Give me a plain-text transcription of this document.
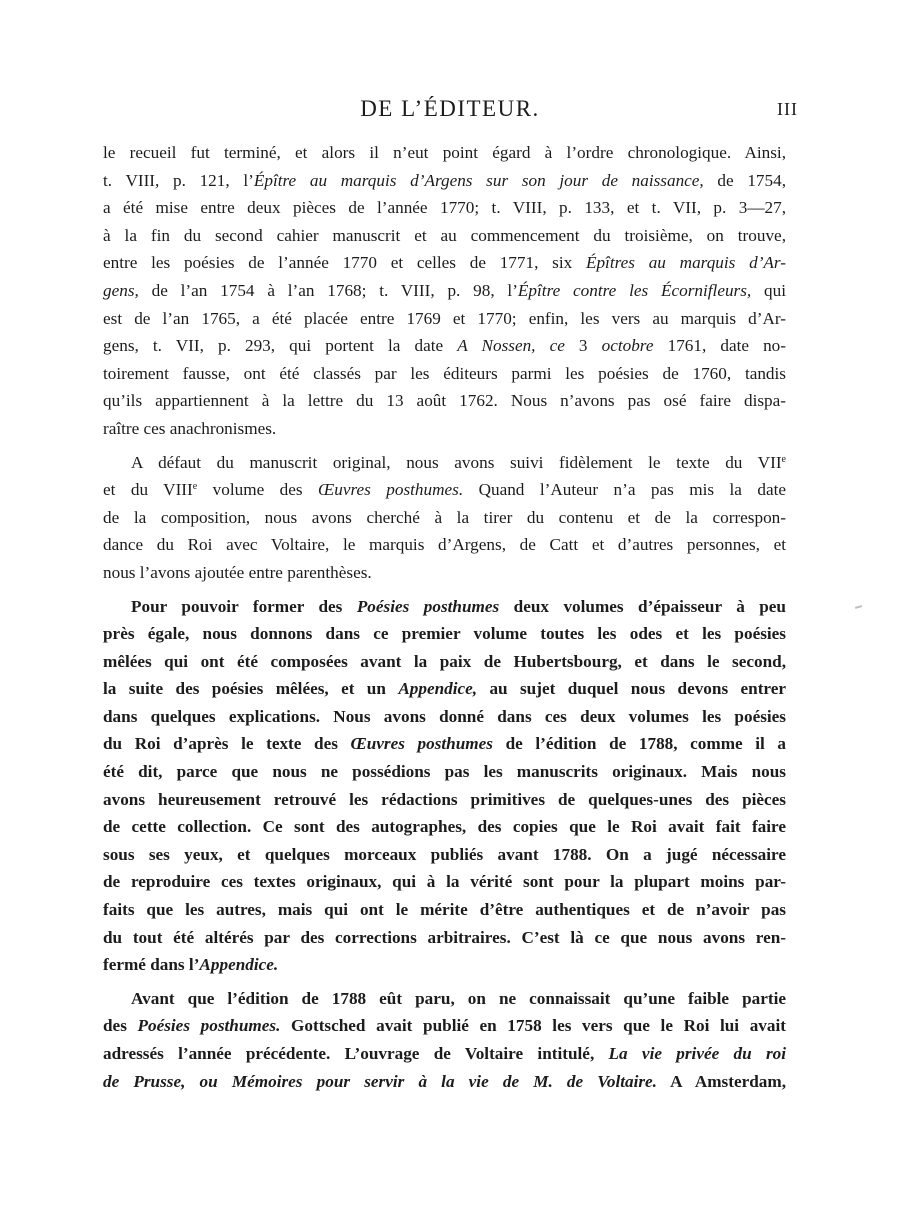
DE L’ÉDITEUR.	III
le recueil fut terminé, et alors il n’eut point égard à l’ordre chronologique. Ainsi,
t. VIII, p. 121, l’Épître au marquis d’Argens sur son jour de naissance, de 1754,
a été mise entre deux pièces de l’année 1770; t. VIII, p. 133, et t. VII, p. 3—27,
à la fin du second cahier manuscrit et au commencement du troisième, on trouve,
entre les poésies de l’année 1770 et celles de 1771, six Épîtres au marquis d’Ar-
gens, de l’an 1754 à l’an 1768; t. VIII, p. 98, l’Épître contre les Écornifleurs, qui
est de l’an 1765, a été placée entre 1769 et 1770; enfin, les vers au marquis d’Ar-
gens, t. VII, p. 293, qui portent la date A Nossen, ce 3 octobre 1761, date no-
toirement fausse, ont été classés par les éditeurs parmi les poésies de 1760, tandis
qu’ils appartiennent à la lettre du 13 août 1762. Nous n’avons pas osé faire dispa-
raître ces anachronismes.
A défaut du manuscrit original, nous avons suivi fidèlement le texte du VIIe
et du VIIIe volume des Œuvres posthumes. Quand l’Auteur n’a pas mis la date
de la composition, nous avons cherché à la tirer du contenu et de la correspon-
dance du Roi avec Voltaire, le marquis d’Argens, de Catt et d’autres personnes, et
nous l’avons ajoutée entre parenthèses.
Pour pouvoir former des Poésies posthumes deux volumes d’épaisseur à peu
près égale, nous donnons dans ce premier volume toutes les odes et les poésies
mêlées qui ont été composées avant la paix de Hubertsbourg, et dans le second,
la suite des poésies mêlées, et un Appendice, au sujet duquel nous devons entrer
dans quelques explications. Nous avons donné dans ces deux volumes les poésies
du Roi d’après le texte des Œuvres posthumes de l’édition de 1788, comme il a
été dit, parce que nous ne possédions pas les manuscrits originaux. Mais nous
avons heureusement retrouvé les rédactions primitives de quelques-unes des pièces
de cette collection. Ce sont des autographes, des copies que le Roi avait fait faire
sous ses yeux, et quelques morceaux publiés avant 1788. On a jugé nécessaire
de reproduire ces textes originaux, qui à la vérité sont pour la plupart moins par-
faits que les autres, mais qui ont le mérite d’être authentiques et de n’avoir pas
du tout été altérés par des corrections arbitraires. C’est là ce que nous avons ren-
fermé dans l’Appendice.
Avant que l’édition de 1788 eût paru, on ne connaissait qu’une faible partie
des Poésies posthumes. Gottsched avait publié en 1758 les vers que le Roi lui avait
adressés l’année précédente. L’ouvrage de Voltaire intitulé, La vie privée du roi
de Prusse, ou Mémoires pour servir à la vie de M. de Voltaire. A Amsterdam,
